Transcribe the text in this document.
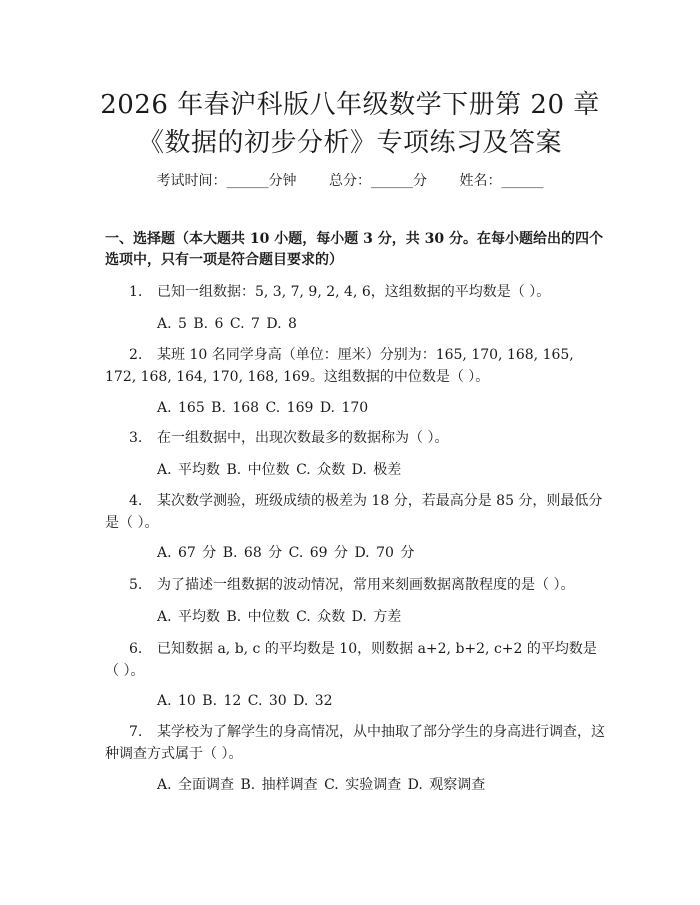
2026 年春沪科版八年级数学下册第 20 章
《数据的初步分析》专项练习及答案
考试时间：______分钟 总分：______分 姓名：______
一、选择题（本大题共 10 小题，每小题 3 分，共 30 分。在每小题给出的四个选项中，只有一项是符合题目要求的）
1. 已知一组数据：5, 3, 7, 9, 2, 4, 6，这组数据的平均数是（ ）。
A. 5 B. 6 C. 7 D. 8
2. 某班 10 名同学身高（单位：厘米）分别为：165, 170, 168, 165, 172, 168, 164, 170, 168, 169。这组数据的中位数是（ ）。
A. 165 B. 168 C. 169 D. 170
3. 在一组数据中，出现次数最多的数据称为（ ）。
A. 平均数 B. 中位数 C. 众数 D. 极差
4. 某次数学测验，班级成绩的极差为 18 分，若最高分是 85 分，则最低分是（ ）。
A. 67 分 B. 68 分 C. 69 分 D. 70 分
5. 为了描述一组数据的波动情况，常用来刻画数据离散程度的是（ ）。
A. 平均数 B. 中位数 C. 众数 D. 方差
6. 已知数据 a, b, c 的平均数是 10，则数据 a+2, b+2, c+2 的平均数是（ ）。
A. 10 B. 12 C. 30 D. 32
7. 某学校为了解学生的身高情况，从中抽取了部分学生的身高进行调查，这种调查方式属于（ ）。
A. 全面调查 B. 抽样调查 C. 实验调查 D. 观察调查
